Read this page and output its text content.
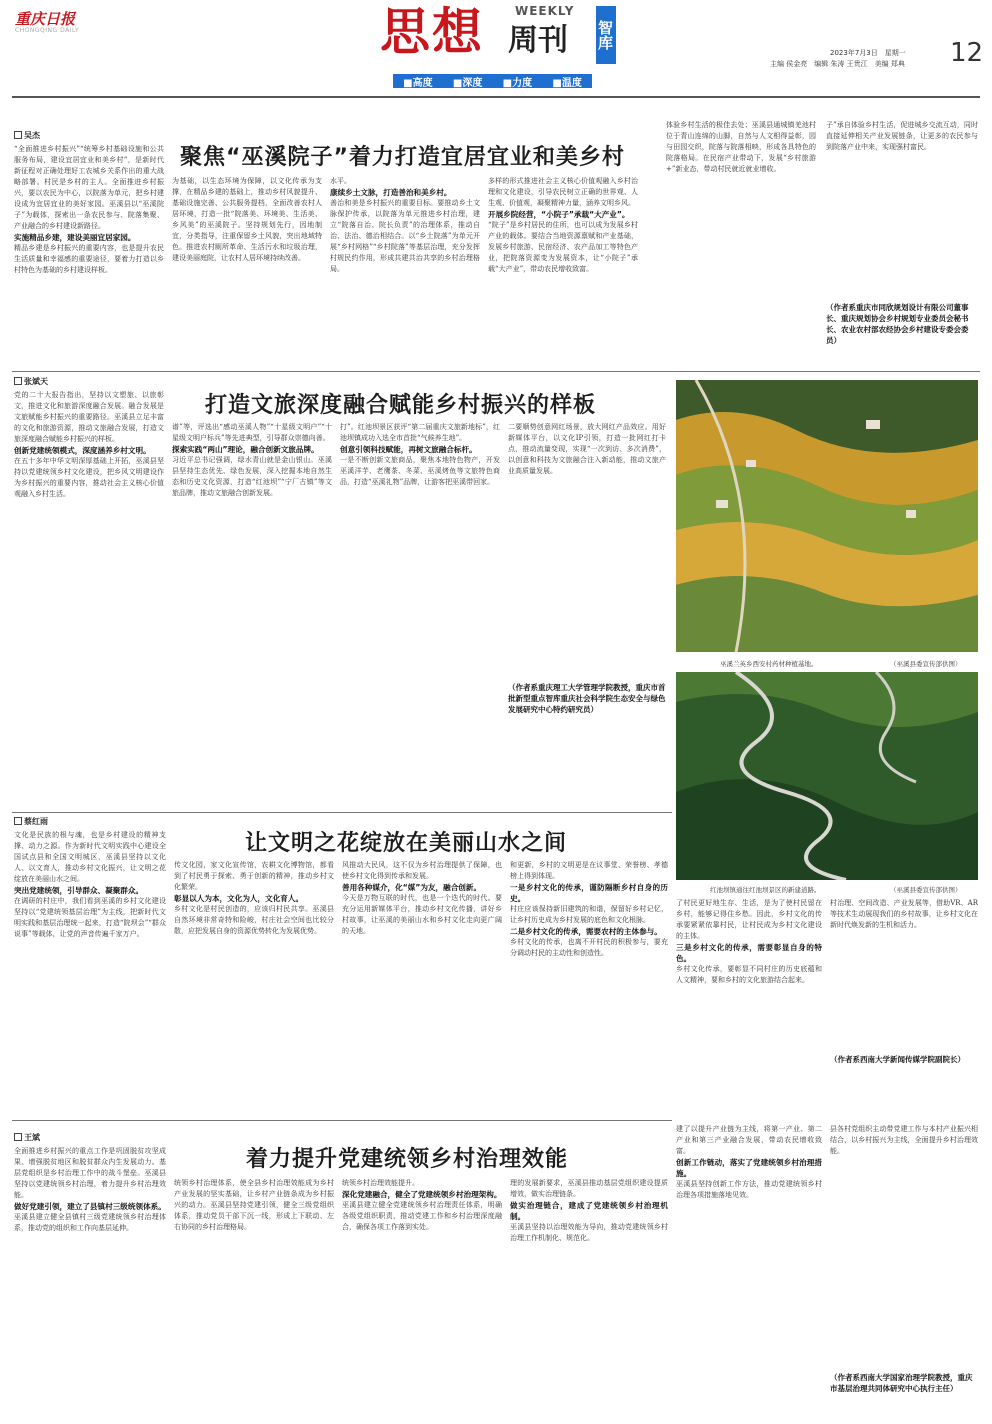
重庆日报
CHONGQING DAILY	思想	WEEKLY
周刊 智库
■高度 ■深度 ■力度 ■温度
2023年7月3日　星期一
主编 侯金亮　编辑 朱涛 王贵江　美编 郑典 12
吴杰
聚焦“巫溪院子”着力打造宜居宜业和美乡村
“全面推进乡村振兴”“统筹乡村基础设施和公共服务布局，建设宜居宜业和美乡村”，是新时代新征程对正确处理好工农城乡关系作出的重大战略部署。村民是乡村的主人。全面推进乡村振兴，要以农民为中心，以院落为单元，把乡村建设成为宜居宜业的美好家园。巫溪县以“巫溪院子”为载体，探索出一条农民参与、院落集聚、产业融合的乡村建设新路径。
实施精品乡建，建设美丽宜居家园。
精品乡建是乡村振兴的重要内容，也是提升农民生活质量和幸福感的重要途径，要着力打造以乡村特色为基础的乡村建设样板。
为基础，以生态环境为保障，以文化传承为支撑，在精品乡建的基础上，推动乡村风貌提升、基础设施完善、公共服务提档，全面改善农村人居环境，打造一批“院落美、环境美、生活美、乡风美”的巫溪院子。坚持规划先行，因地制宜，分类指导，注重保留乡土风貌，突出地域特色。推进农村厕所革命、生活污水和垃圾治理，建设美丽庭院，让农村人居环境持续改善。
水平。
康续乡土文脉，打造善治和美乡村。
善治和美是乡村振兴的重要目标。要推动乡土文脉保护传承，以院落为单元推进乡村治理，建立“院落自治、院长负责”的治理体系，推动自治、法治、德治相结合。以“乡土院落”为单元开展“乡村网格”“乡村院落”等基层治理，充分发挥村规民约作用，形成共建共治共享的乡村治理格局。
多样的形式推进社会主义核心价值观融入乡村治理和文化建设，引导农民树立正确的世界观、人生观、价值观，凝聚精神力量，涵养文明乡风。
开展乡院经营，“小院子”承载“大产业”。
“院子”是乡村居民的住所，也可以成为发展乡村产业的载体。要结合当地资源禀赋和产业基础，发展乡村旅游、民宿经济、农产品加工等特色产业，把院落资源变为发展资本，让“小院子”承载“大产业”，带动农民增收致富。
体验乡村生活的极佳去处；巫溪县通城镇羌池村位于青山连绵的山脚，自然与人文相得益彰，园与田园交织，院落与院落相映，形成各具特色的院落格局。在民宿产业带动下，发展“乡村旅游+”新业态，带动村民就近就业增收。
子”承自体验乡村生活，促进城乡交流互动，同时直接延伸相关产业发展链条，让更多的农民参与到院落产业中来，实现强村富民。
（作者系重庆市同欣规划设计有限公司董事长、重庆规划协会乡村规划专业委员会秘书长、农业农村部农经协会乡村建设专委会委员）
张斌天
打造文旅深度融合赋能乡村振兴的样板
党的二十大报告指出，坚持以文塑旅、以旅彰文，推进文化和旅游深度融合发展。融合发展是文旅赋能乡村振兴的重要路径。巫溪县立足丰富的文化和旅游资源，推动文旅融合发展，打造文旅深度融合赋能乡村振兴的样板。
创新党建统领模式，深度涵养乡村文明。
在五十多年中华文明深厚基础上开拓，巫溪县坚持以党建统领乡村文化建设，把乡风文明建设作为乡村振兴的重要内容，推动社会主义核心价值观融入乡村生活。
谱”等，评选出“感动巫溪人物”“十星级文明户”“十星级文明户标兵”等先进典型，引导群众崇德向善。
探索实践“两山”理论，融合创新文旅品牌。
习近平总书记强调，绿水青山就是金山银山。巫溪县坚持生态优先、绿色发展，深入挖掘本地自然生态和历史文化资源，打造“红池坝”“宁厂古镇”等文旅品牌，推动文旅融合创新发展。
打”。红池坝景区获评“第二届重庆文旅新地标”，红池坝镇成功入选全市首批“气候养生地”。
创意引领科技赋能，再树文旅融合标杆。
一是不断创新文旅商品，聚焦本地特色物产，开发巫溪洋芋、老鹰茶、冬菜、巫溪烤鱼等文旅特色商品，打造“巫溪礼物”品牌，让游客把巫溪带回家。
二要顺势创意网红场景，放大网红产品效应。用好新媒体平台，以文化IP引领，打造一批网红打卡点，推动流量变现，实现“一次到访、多次消费”，以创意和科技为文旅融合注入新动能，推动文旅产业高质量发展。
（作者系重庆理工大学管理学院教授，重庆市首批新型重点智库重庆社会科学院生态安全与绿色发展研究中心特约研究员）
巫溪兰英乡西安村药材种植基地。	（巫溪县委宣传部供图）
红池坝镇通往红池坝景区的新建道路。	（巫溪县委宣传部供图）
蔡红雨
让文明之花绽放在美丽山水之间
文化是民族的根与魂，也是乡村建设的精神支撑、动力之源。作为新时代文明实践中心建设全国试点县和全国文明城区，巫溪县坚持以文化人、以文育人，推动乡村文化振兴，让文明之花绽放在美丽山水之间。
突出党建统领，引导群众、凝聚群众。
在调研的村庄中，我们看到巫溪的乡村文化建设坚持以“党建统领基层治理”为主线，把新时代文明实践和基层治理统一起来，打造“院坝会”“群众说事”等载体，让党的声音传遍千家万户。
传文化园，家文化宣传馆，农耕文化博物馆，都看到了村民勇于探索、勇于创新的精神，推动乡村文化繁荣。
彰显以人为本，文化为人，文化育人。
乡村文化是村民创造的，应该归村民共享。巫溪县自然环境非常奇特和险峻，村庄社会空间也比较分散，应把发展自身的资源优势转化为发展优势。
风推动大民风，这不仅为乡村治理提供了保障，也使乡村文化得到传承和发展。
善用各种媒介，化“媒”为友，融合创新。
今天是万物互联的时代，也是一个迭代的时代。要充分运用新媒体平台，推动乡村文化传播，讲好乡村故事，让巫溪的美丽山水和乡村文化走向更广阔的天地。
和更新，乡村的文明更是在议事堂、荣誉榜、孝德榜上得到体现。
一是乡村文化的传承，谨防隔断乡村自身的历史。
村庄应该保持新旧建筑的和谐，保留好乡村记忆，让乡村历史成为乡村发展的底色和文化根脉。
二是乡村文化的传承，需要农村的主体参与。
乡村文化的传承，也离不开村民的积极参与，要充分调动村民的主动性和创造性。
了村民更好地生存、生活，是为了使村民留在乡村，能够记得住乡愁。因此，乡村文化的传承要紧紧依靠村民，让村民成为乡村文化建设的主体。
三是乡村文化的传承，需要彰显自身的特色。
乡村文化传承，要彰显不同村庄的历史底蕴和人文精神，要和乡村的文化旅游结合起来。
村治理、空间改造、产业发展等，借助VR、AR等技术生动展现我们的乡村故事，让乡村文化在新时代焕发新的生机和活力。
（作者系西南大学新闻传媒学院副院长）
王斌
着力提升党建统领乡村治理效能
全面推进乡村振兴的重点工作是巩固脱贫攻坚成果、增强脱贫地区和脱贫群众内生发展动力。基层党组织是乡村治理工作中的战斗堡垒。巫溪县坚持以党建统领乡村治理，着力提升乡村治理效能。
做好党建引领，建立了县镇村三级统领体系。
巫溪县建立健全县镇村三级党建统领乡村治理体系，推动党的组织和工作向基层延伸。
统领乡村治理体系，使全县乡村治理效能成为乡村产业发展的坚实基础，让乡村产业链条成为乡村振兴的动力。巫溪县坚持党建引领，健全三级党组织体系，推动党员干部下沉一线，形成上下联动、左右协同的乡村治理格局。
统领乡村治理效能提升。
深化党建融合，健全了党建统领乡村治理架构。
巫溪县建立健全党建统领乡村治理责任体系，明确各级党组织职责，推动党建工作和乡村治理深度融合，确保各项工作落到实处。
理的发展新要求，巫溪县推动基层党组织建设提质增效，做实治理链条。
做实治理链合，建成了党建统领乡村治理机制。
巫溪县坚持以治理效能为导向，推动党建统领乡村治理工作机制化、规范化。
建了以提升产业链为主线，将第一产业、第二产业和第三产业融合发展，带动农民增收致富。
创新工作链动，落实了党建统领乡村治理措施。
巫溪县坚持创新工作方法，推动党建统领乡村治理各项措施落地见效。
县各村党组织主动带党建工作与本村产业振兴相结合，以乡村振兴为主线，全面提升乡村治理效能。
（作者系西南大学国家治理学院教授，重庆市基层治理共同体研究中心执行主任）
